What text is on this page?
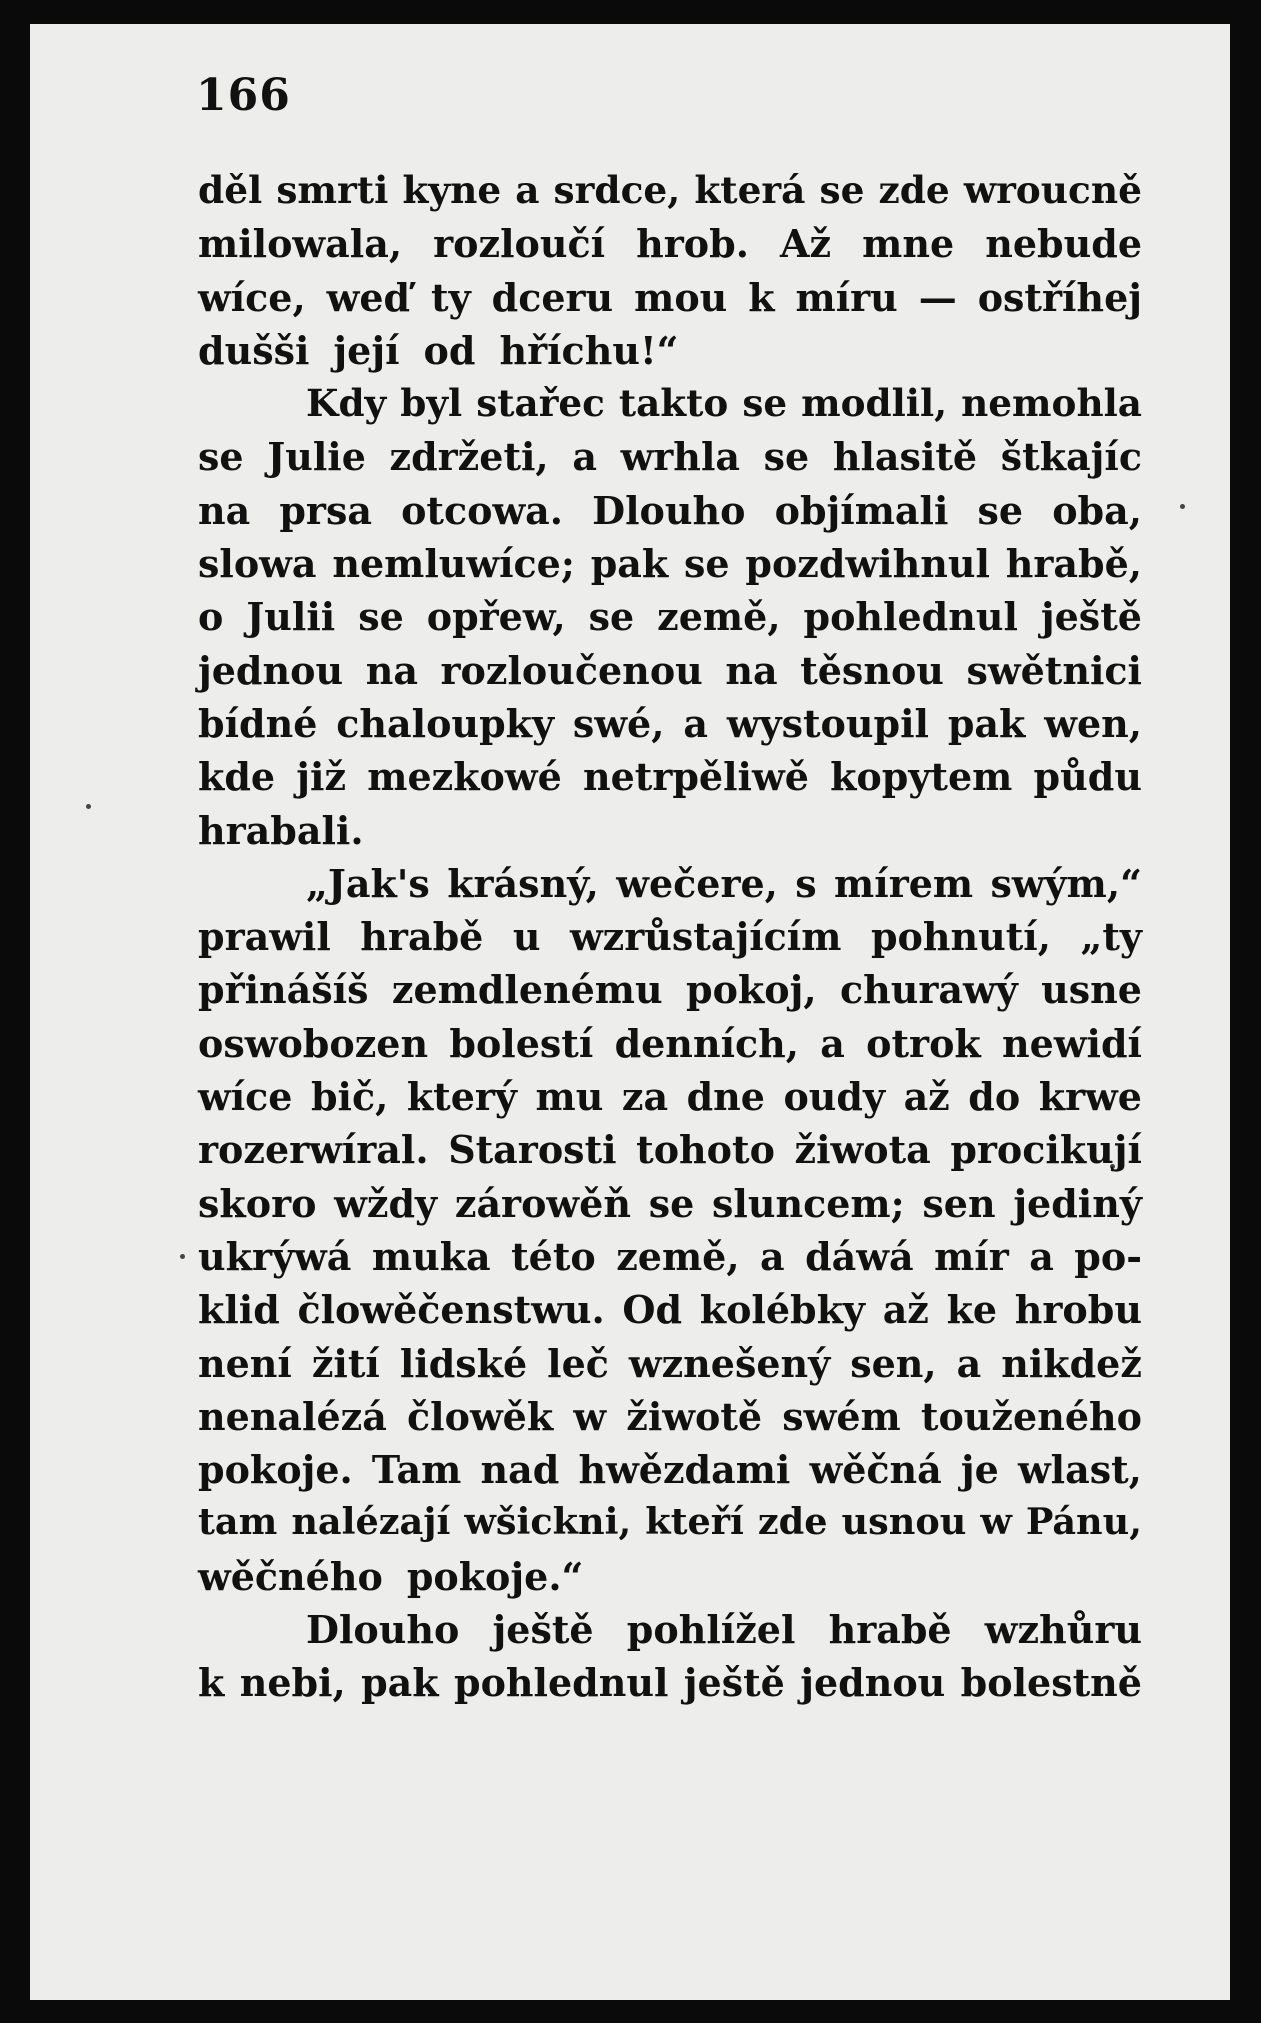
166
děl smrti kyne a srdce, která se zde wroucně
milowala, rozloučí hrob. Až mne nebude
wíce, weď ty dceru mou k míru — ostříhej
dušši její od hříchu!“
Kdy byl stařec takto se modlil, nemohla
se Julie zdržeti, a wrhla se hlasitě štkajíc
na prsa otcowa. Dlouho objímali se oba,
slowa nemluwíce; pak se pozdwihnul hrabě,
o Julii se opřew, se země, pohlednul ještě
jednou na rozloučenou na těsnou swětnici
bídné chaloupky swé, a wystoupil pak wen,
kde již mezkowé netrpěliwě kopytem půdu
hrabali.
„Jak's krásný, wečere, s mírem swým,“
prawil hrabě u wzrůstajícím pohnutí, „ty
přinášíš zemdlenému pokoj, churawý usne
oswobozen bolestí denních, a otrok newidí
wíce bič, který mu za dne oudy až do krwe
rozerwíral. Starosti tohoto žiwota procikují
skoro wždy zárowěň se sluncem; sen jediný
ukrýwá muka této země, a dáwá mír a po-
klid člowěčenstwu. Od kolébky až ke hrobu
není žití lidské leč wznešený sen, a nikdež
nenalézá člowěk w žiwotě swém touženého
pokoje. Tam nad hwězdami wěčná je wlast,
tam nalézají wšickni, kteří zde usnou w Pánu,
wěčného pokoje.“
Dlouho ještě pohlížel hrabě wzhůru
k nebi, pak pohlednul ještě jednou bolestně
